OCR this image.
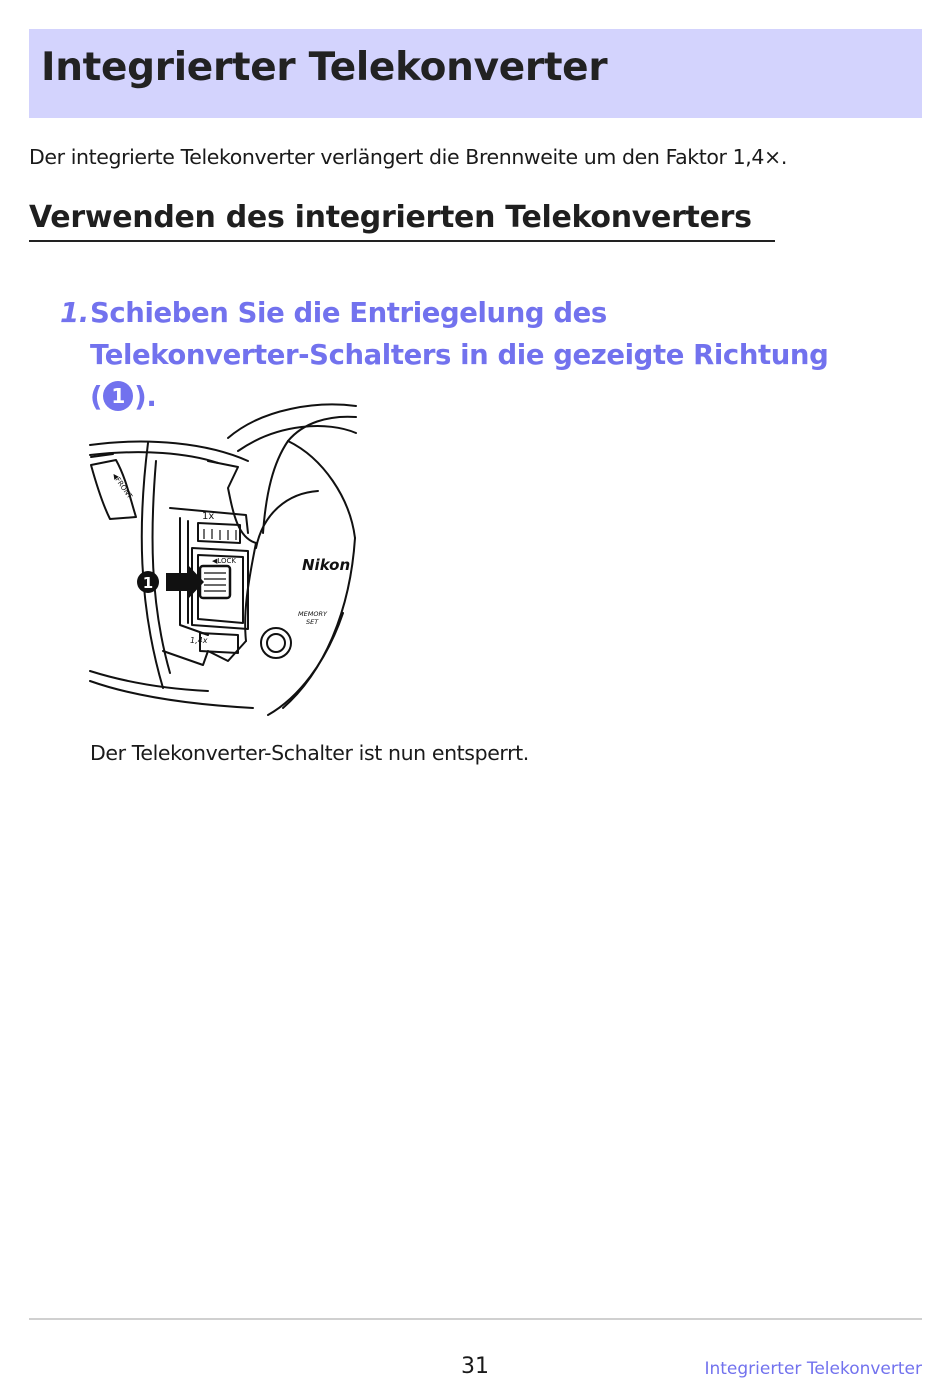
Integrierter Telekonverter
Der integrierte Telekonverter verlängert die Brennweite um den Faktor 1,4×.
Verwenden des integrierten Telekonverters
1. Schieben Sie die Entriegelung des Telekonverter-Schalters in die gezeigte Richtung ( 1 ).
1
◀FRONT
1x
◀LOCK
1,4x
Nikon
MEMORY
SET
Der Telekonverter-Schalter ist nun entsperrt.
31	Integrierter Telekonverter
